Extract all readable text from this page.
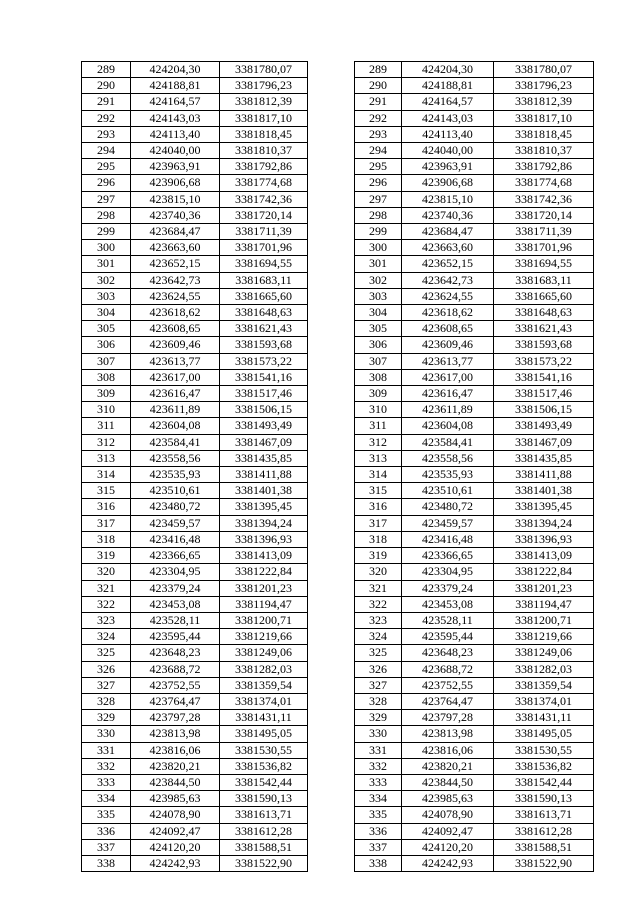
289	424204,30	3381780,07		289	424204,30	3381780,07
290	424188,81	3381796,23		290	424188,81	3381796,23
291	424164,57	3381812,39		291	424164,57	3381812,39
292	424143,03	3381817,10		292	424143,03	3381817,10
293	424113,40	3381818,45		293	424113,40	3381818,45
294	424040,00	3381810,37		294	424040,00	3381810,37
295	423963,91	3381792,86		295	423963,91	3381792,86
296	423906,68	3381774,68		296	423906,68	3381774,68
297	423815,10	3381742,36		297	423815,10	3381742,36
298	423740,36	3381720,14		298	423740,36	3381720,14
299	423684,47	3381711,39		299	423684,47	3381711,39
300	423663,60	3381701,96		300	423663,60	3381701,96
301	423652,15	3381694,55		301	423652,15	3381694,55
302	423642,73	3381683,11		302	423642,73	3381683,11
303	423624,55	3381665,60		303	423624,55	3381665,60
304	423618,62	3381648,63		304	423618,62	3381648,63
305	423608,65	3381621,43		305	423608,65	3381621,43
306	423609,46	3381593,68		306	423609,46	3381593,68
307	423613,77	3381573,22		307	423613,77	3381573,22
308	423617,00	3381541,16		308	423617,00	3381541,16
309	423616,47	3381517,46		309	423616,47	3381517,46
310	423611,89	3381506,15		310	423611,89	3381506,15
311	423604,08	3381493,49		311	423604,08	3381493,49
312	423584,41	3381467,09		312	423584,41	3381467,09
313	423558,56	3381435,85		313	423558,56	3381435,85
314	423535,93	3381411,88		314	423535,93	3381411,88
315	423510,61	3381401,38		315	423510,61	3381401,38
316	423480,72	3381395,45		316	423480,72	3381395,45
317	423459,57	3381394,24		317	423459,57	3381394,24
318	423416,48	3381396,93		318	423416,48	3381396,93
319	423366,65	3381413,09		319	423366,65	3381413,09
320	423304,95	3381222,84		320	423304,95	3381222,84
321	423379,24	3381201,23		321	423379,24	3381201,23
322	423453,08	3381194,47		322	423453,08	3381194,47
323	423528,11	3381200,71		323	423528,11	3381200,71
324	423595,44	3381219,66		324	423595,44	3381219,66
325	423648,23	3381249,06		325	423648,23	3381249,06
326	423688,72	3381282,03		326	423688,72	3381282,03
327	423752,55	3381359,54		327	423752,55	3381359,54
328	423764,47	3381374,01		328	423764,47	3381374,01
329	423797,28	3381431,11		329	423797,28	3381431,11
330	423813,98	3381495,05		330	423813,98	3381495,05
331	423816,06	3381530,55		331	423816,06	3381530,55
332	423820,21	3381536,82		332	423820,21	3381536,82
333	423844,50	3381542,44		333	423844,50	3381542,44
334	423985,63	3381590,13		334	423985,63	3381590,13
335	424078,90	3381613,71		335	424078,90	3381613,71
336	424092,47	3381612,28		336	424092,47	3381612,28
337	424120,20	3381588,51		337	424120,20	3381588,51
338	424242,93	3381522,90		338	424242,93	3381522,90
